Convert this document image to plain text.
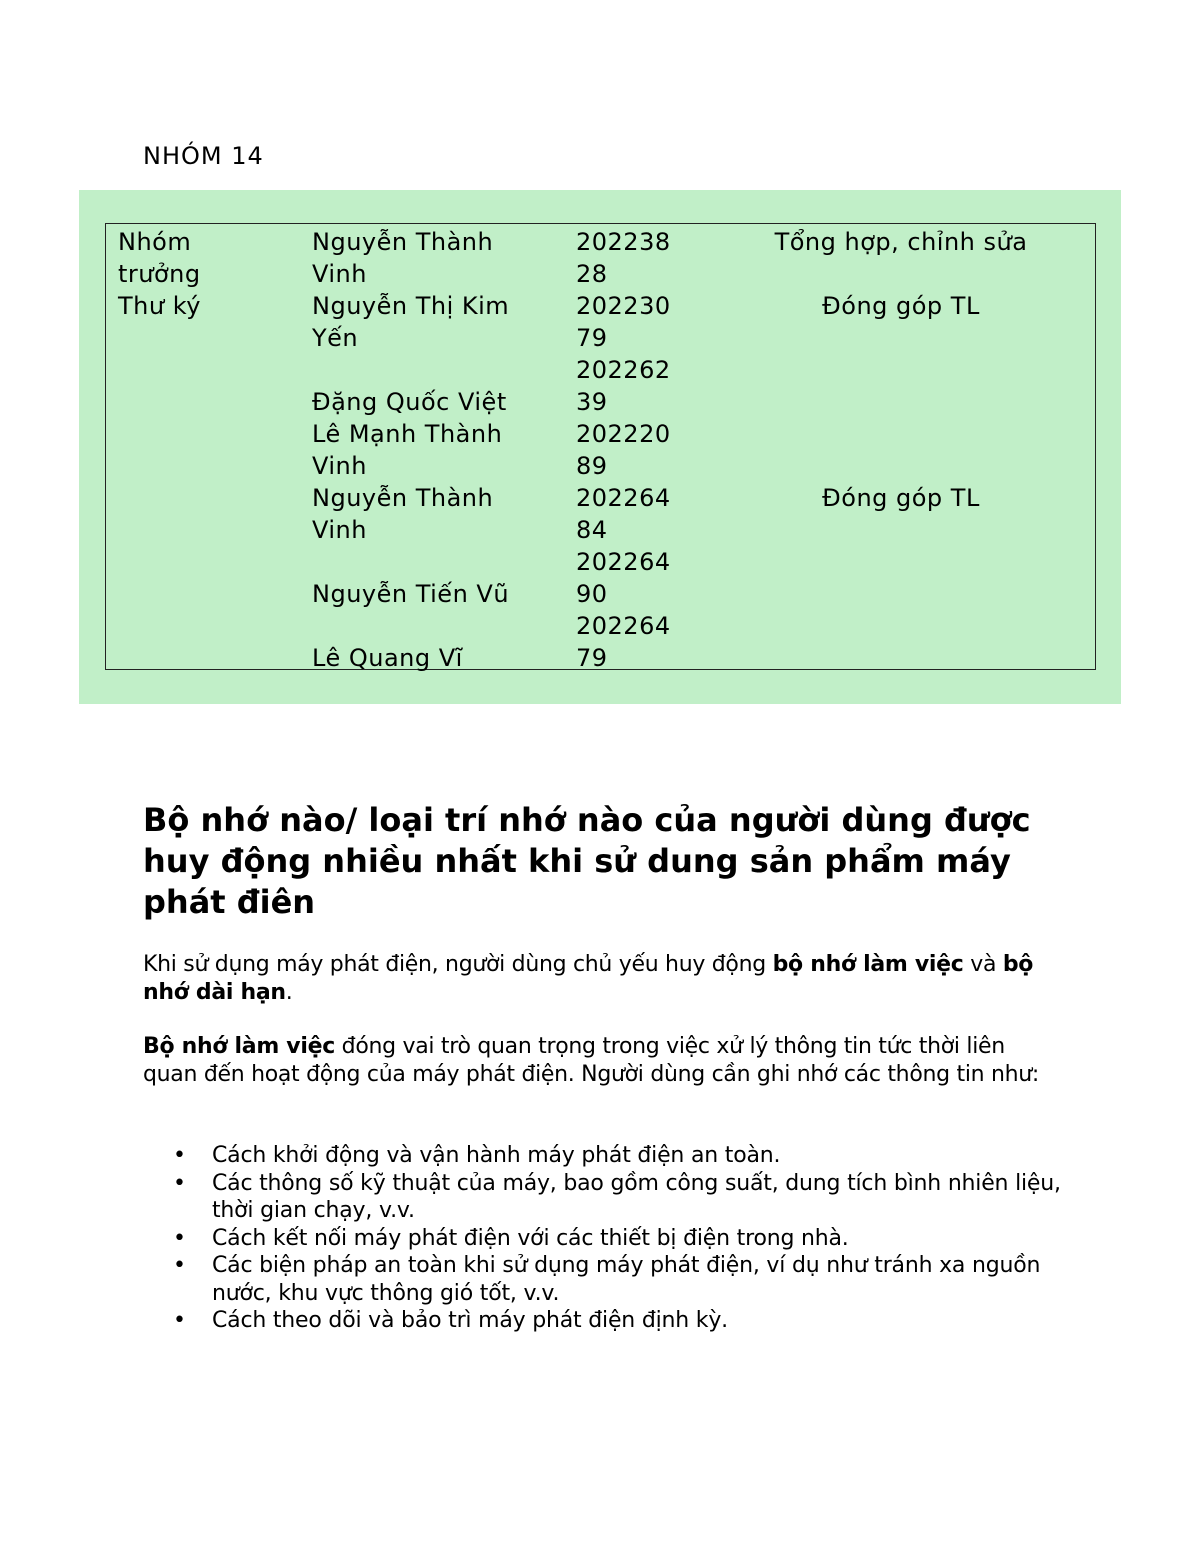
NHÓM 14
Nhóm
trưởng
Thư ký
Nguyễn Thành
Vinh
Nguyễn Thị Kim
Yến

Đặng Quốc Việt
Lê Mạnh Thành
Vinh
Nguyễn Thành
Vinh

Nguyễn Tiến Vũ

Lê Quang Vĩ
202238
28
202230
79
202262
39
202220
89
202264
84
202264
90
202264
79
Tổng hợp, chỉnh sửa

Đóng góp TL

Đóng góp TL

Bộ nhớ nào/ loại trí nhớ nào của người dùng được huy động nhiều nhất khi sử dung sản phẩm máy phát điên

Khi sử dụng máy phát điện, người dùng chủ yếu huy động bộ nhớ làm việc và bộ nhớ dài hạn.

Bộ nhớ làm việc đóng vai trò quan trọng trong việc xử lý thông tin tức thời liên quan đến hoạt động của máy phát điện. Người dùng cần ghi nhớ các thông tin như:

• Cách khởi động và vận hành máy phát điện an toàn.
• Các thông số kỹ thuật của máy, bao gồm công suất, dung tích bình nhiên liệu, thời gian chạy, v.v.
• Cách kết nối máy phát điện với các thiết bị điện trong nhà.
• Các biện pháp an toàn khi sử dụng máy phát điện, ví dụ như tránh xa nguồn nước, khu vực thông gió tốt, v.v.
• Cách theo dõi và bảo trì máy phát điện định kỳ.
